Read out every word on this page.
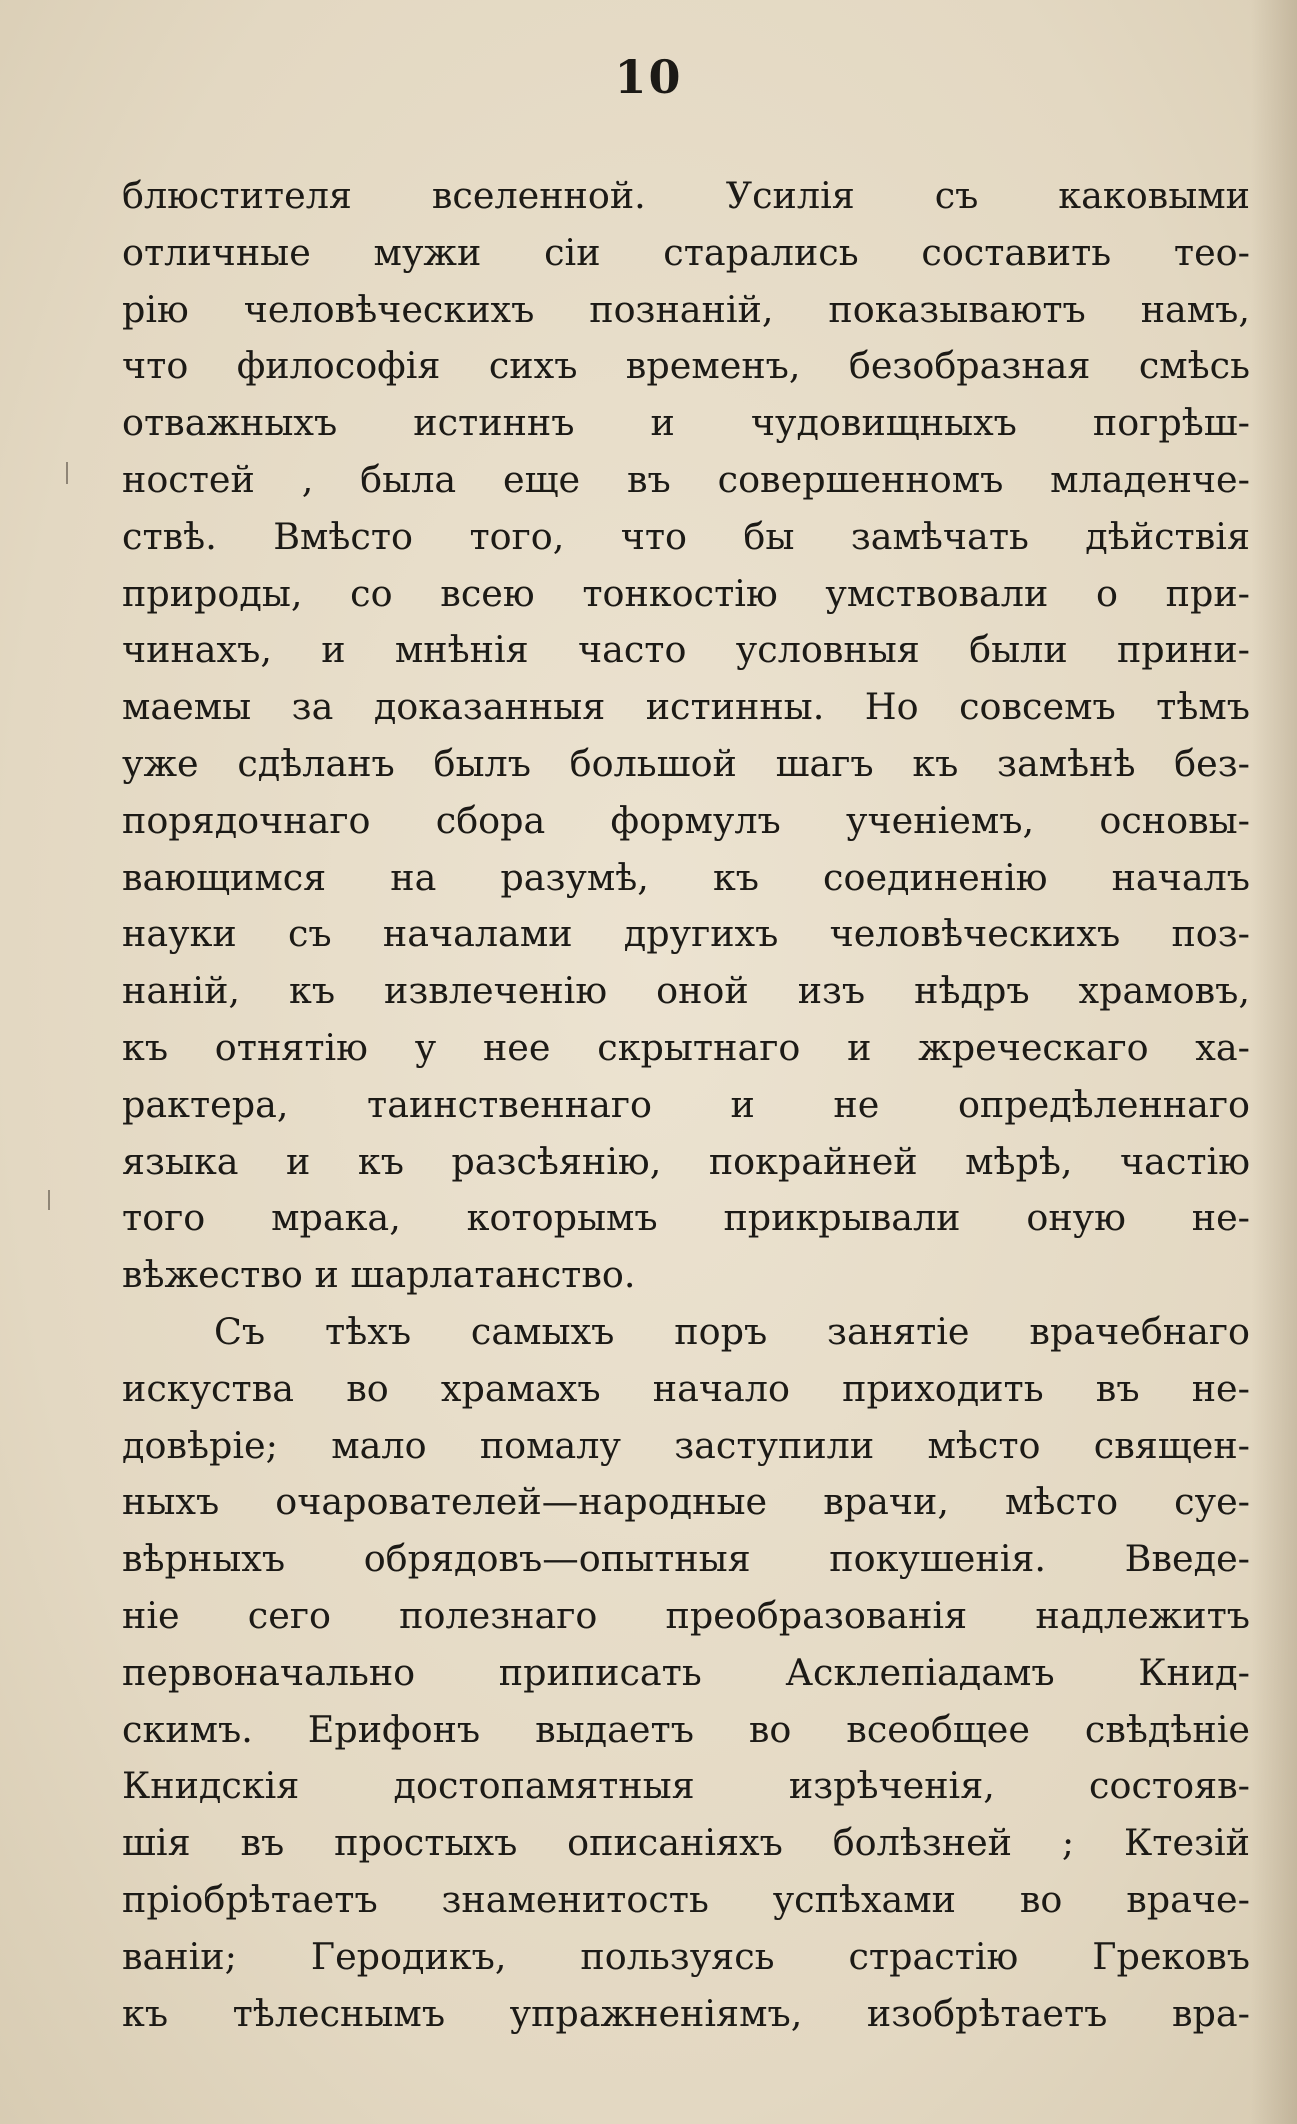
10
блюстителя вселенной. Усилія съ каковыми
отличные мужи сіи старались составить тео-
рію человѣческихъ познаній, показываютъ намъ,
что философія сихъ временъ, безобразная смѣсь
отважныхъ истиннъ и чудовищныхъ погрѣш-
ностей , была еще въ совершенномъ младенче-
ствѣ. Вмѣсто того, что бы замѣчать дѣйствія
природы, со всею тонкостію умствовали о при-
чинахъ, и мнѣнія часто условныя были прини-
маемы за доказанныя истинны. Но совсемъ тѣмъ
уже сдѣланъ былъ большой шагъ къ замѣнѣ без-
порядочнаго сбора формулъ ученіемъ, основы-
вающимся на разумѣ, къ соединенію началъ
науки съ началами другихъ человѣческихъ поз-
наній, къ извлеченію оной изъ нѣдръ храмовъ,
къ отнятію у нее скрытнаго и жреческаго ха-
рактера, таинственнаго и не опредѣленнаго
языка и къ разсѣянію, покрайней мѣрѣ, частію
того мрака, которымъ прикрывали оную не-
вѣжество и шарлатанство.
Съ тѣхъ самыхъ поръ занятіе врачебнаго
искуства во храмахъ начало приходить въ не-
довѣріе; мало помалу заступили мѣсто священ-
ныхъ очарователей—народные врачи, мѣсто суе-
вѣрныхъ обрядовъ—опытныя покушенія. Введе-
ніе сего полезнаго преобразованія надлежитъ
первоначально приписать Асклепіадамъ Книд-
скимъ. Ерифонъ выдаетъ во всеобщее свѣдѣніе
Книдскія достопамятныя изрѣченія, состояв-
шія въ простыхъ описаніяхъ болѣзней ; Ктезій
пріобрѣтаетъ знаменитость успѣхами во враче-
ваніи; Геродикъ, пользуясь страстію Грековъ
къ тѣлеснымъ упражненіямъ, изобрѣтаетъ вра-
